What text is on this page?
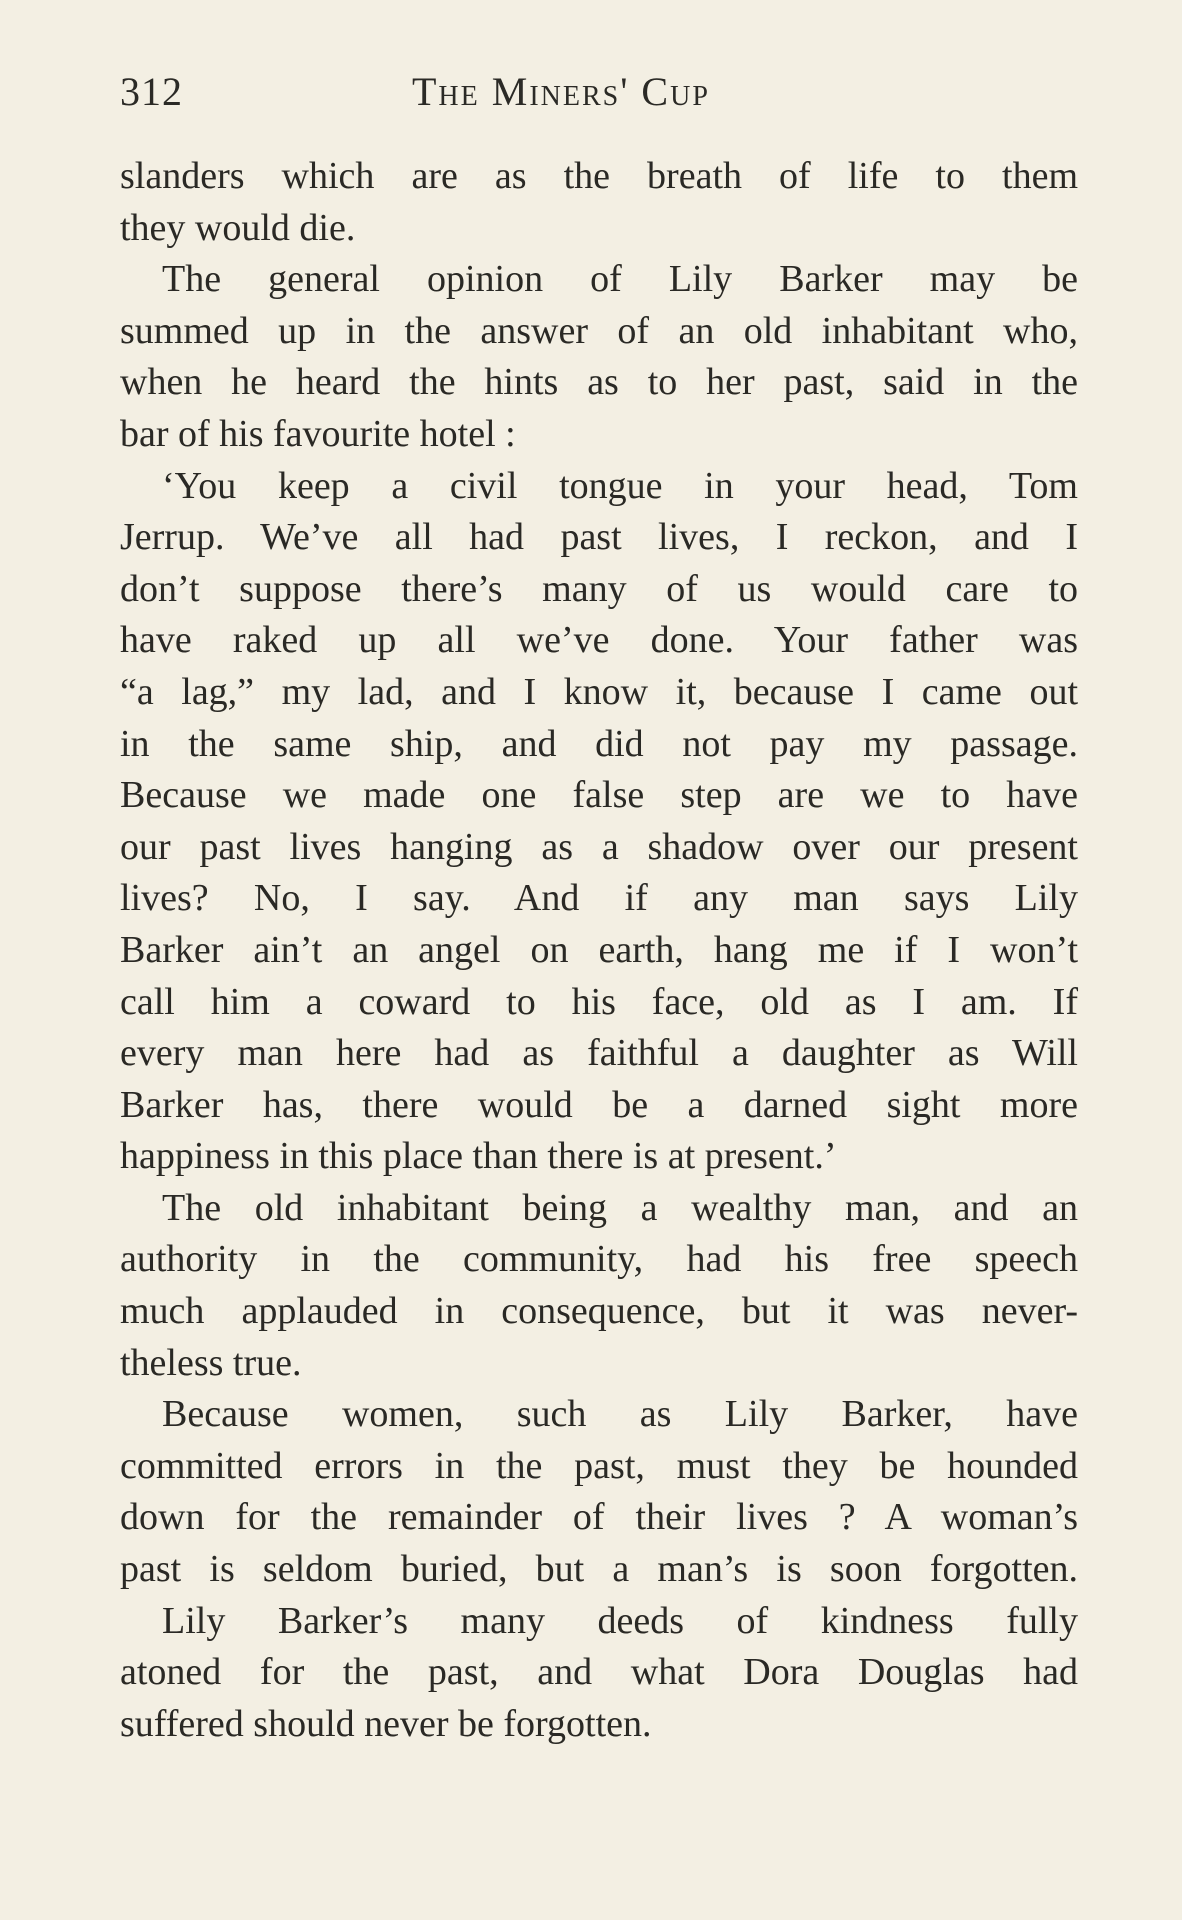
312	The Miners' Cup
slanders which are as the breath of life to them
they would die.
The general opinion of Lily Barker may be
summed up in the answer of an old inhabitant who,
when he heard the hints as to her past, said in the
bar of his favourite hotel :
‘You keep a civil tongue in your head, Tom
Jerrup. We’ve all had past lives, I reckon, and I
don’t suppose there’s many of us would care to
have raked up all we’ve done. Your father was
“a lag,” my lad, and I know it, because I came out
in the same ship, and did not pay my passage.
Because we made one false step are we to have
our past lives hanging as a shadow over our present
lives? No, I say. And if any man says Lily
Barker ain’t an angel on earth, hang me if I won’t
call him a coward to his face, old as I am. If
every man here had as faithful a daughter as Will
Barker has, there would be a darned sight more
happiness in this place than there is at present.’
The old inhabitant being a wealthy man, and an
authority in the community, had his free speech
much applauded in consequence, but it was never-
theless true.
Because women, such as Lily Barker, have
committed errors in the past, must they be hounded
down for the remainder of their lives ? A woman’s
past is seldom buried, but a man’s is soon forgotten.
Lily Barker’s many deeds of kindness fully
atoned for the past, and what Dora Douglas had
suffered should never be forgotten.
